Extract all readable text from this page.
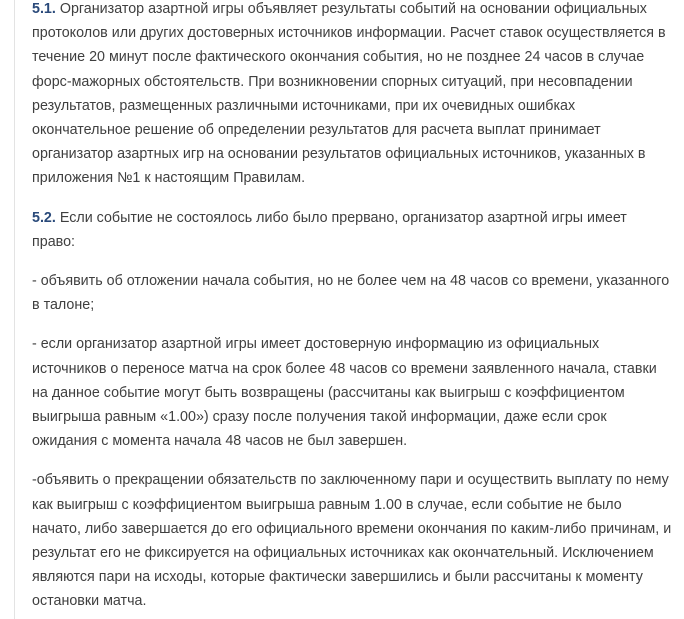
5.1. Организатор азартной игры объявляет результаты событий на основании официальных протоколов или других достоверных источников информации. Расчет ставок осуществляется в течение 20 минут после фактического окончания события, но не позднее 24 часов в случае форс-мажорных обстоятельств. При возникновении спорных ситуаций, при несовпадении результатов, размещенных различными источниками, при их очевидных ошибках окончательное решение об определении результатов для расчета выплат принимает организатор азартных игр на основании результатов официальных источников, указанных в приложения №1 к настоящим Правилам.

5.2. Если событие не состоялось либо было прервано, организатор азартной игры имеет право:

- объявить об отложении начала события, но не более чем на 48 часов со времени, указанного в талоне;

- если организатор азартной игры имеет достоверную информацию из официальных источников о переносе матча на срок более 48 часов со времени заявленного начала, ставки на данное событие могут быть возвращены (рассчитаны как выигрыш с коэффициентом выигрыша равным «1.00») сразу после получения такой информации, даже если срок ожидания с момента начала 48 часов не был завершен.

-объявить о прекращении обязательств по заключенному пари и осуществить выплату по нему как выигрыш с коэффициентом выигрыша равным 1.00 в случае, если событие не было начато, либо завершается до его официального времени окончания по каким-либо причинам, и результат его не фиксируется на официальных источниках как окончательный. Исключением являются пари на исходы, которые фактически завершились и были рассчитаны к моменту остановки матча.
